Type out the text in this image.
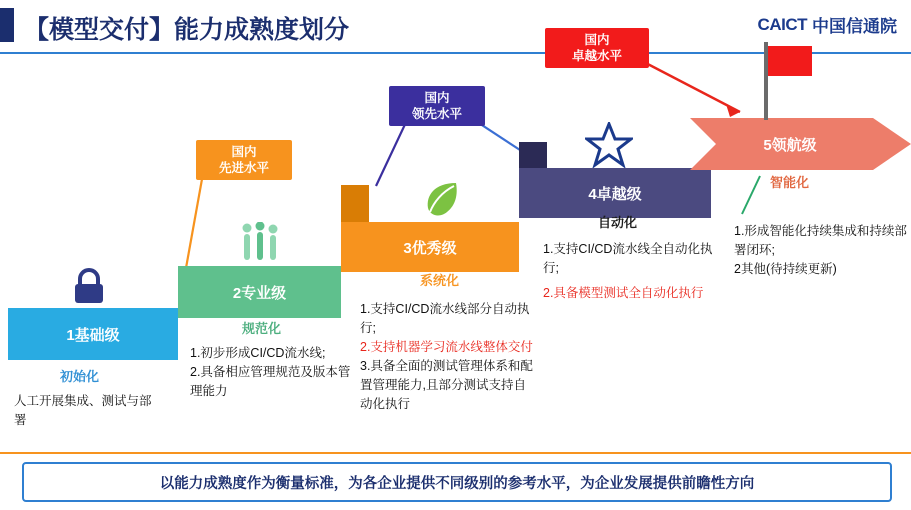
【模型交付】能力成熟度划分	CAICT 中国信通院
国内
先进水平
国内
领先水平
国内
卓越水平
1基础级
2专业级
3优秀级
4卓越级
5领航级
初始化
规范化
系统化
自动化
智能化
人工开展集成、测试与部署
1.初步形成CI/CD流水线;
2.具备相应管理规范及版本管理能力
1.支持CI/CD流水线部分自动执行;
2.支持机器学习流水线整体交付
3.具备全面的测试管理体系和配置管理能力,且部分测试支持自动化执行
1.支持CI/CD流水线全自动化执行;
2.具备模型测试全自动化执行
1.形成智能化持续集成和持续部署闭环;
2其他(待持续更新)
以能力成熟度作为衡量标准，为各企业提供不同级别的参考水平，为企业发展提供前瞻性方向
